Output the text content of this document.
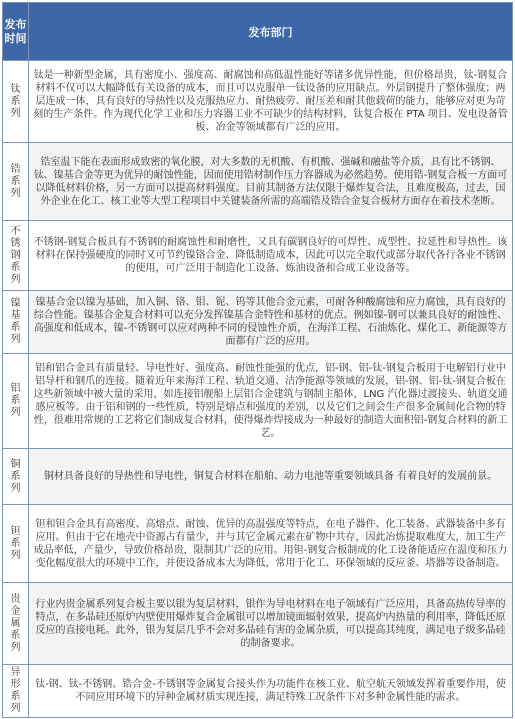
发布时间	发布部门
钛系列	钛是一种新型金属，具有密度小、强度高、耐腐蚀和高低温性能好等诸多优异性能，但价格昂贵，钛-钢复合材料不仅可以大幅降低有关设备的成本，而且可以克服单一钛设备的应用缺点。外层钢提升了整体强度；两层连成一体，具有良好的导热性以及克服热应力、耐热疲劳、耐压差和耐其他载荷的能力，能够应对更为苛刻的生产条件。作为现代化学工业和压力容器工业不可缺少的结构材料，钛复合板在 PTA 项目、发电设备管板、冶金等领域都有广泛的应用。
锆系列	锆室温下能在表面形成致密的氧化膜，对大多数的无机酸、有机酸、强碱和融盐等介质，具有比不锈钢、钛、镍基合金等更为优异的耐蚀性能，因而使用锆材制作压力容器成为必然趋势。使用锆-钢复合板一方面可以降低材料价格，另一方面可以提高材料强度。目前其制备方法仅限于爆炸复合法，且难度极高，过去，国外企业在化工、核工业等大型工程项目中关键装备所需的高端锆及锆合金复合板材方面存在着技术垄断。
不锈钢系列	不锈钢-钢复合板具有不锈钢的耐腐蚀性和耐磨性，又具有碳钢良好的可焊性、成型性、拉延性和导热性。该材料在保持强硬度的同时又可节约镍铬合金、降低制造成本，因此可以完全取代或部分取代各行各业不锈钢的使用，可广泛用于制造化工设备、炼油设备和合成工业设备等。
镍基系列	镍基合金以镍为基础，加入铜、铬、钼、铌、钨等其他合金元素，可耐各种酸腐蚀和应力腐蚀，具有良好的综合性能。镍基合金复合材料可以充分发挥镍基合金特性和基材的优点。例如镍-钢可以兼具良好的耐蚀性、高强度和低成本，镍-不锈钢可以应对两种不同的侵蚀性介质，在海洋工程、石油炼化、煤化工、新能源等方面都有广泛的应用。
铝系列	铝和铝合金具有质量轻、导电性好、强度高、耐蚀性能强的优点，铝-钢、铝-钛-钢复合板用于电解铝行业中铝导杆和钢爪的连接。随着近年来海洋工程、轨道交通、洁净能源等领域的发展，铝-钢、铝-钛-钢复合板在这些新领域中被大量的采用，如连接铝舰船上层铝合金建筑与钢制主船体，LNG 汽化器过渡接头、轨道交通感应板等。由于铝和钢的一些性质，特别是熔点和强度的差别，以及它们之间会生产很多金属间化合物的特性，很难用常规的工艺将它们制成复合材料，使得爆炸焊接成为一种最好的制造大面积铝-钢复合材料的新工艺。
铜系列	铜材具备良好的导热性和导电性，铜复合材料在船舶、动力电池等重要领域具备 有着良好的发展前景。
钽系列	钽和钽合金具有高密度、高熔点、耐蚀、优异的高温强度等特点，在电子器件、化工装备、武器装备中多有应用。但由于它在地壳中资源占有量少，并与其它金属元素在矿物中共存，因此冶炼提取难度大，加工生产成品率低，产量少，导致价格昂贵，限制其广泛的应用。用钽-钢复合板制成的化工设备能适应在温度和压力变化幅度很大的环境中工作，并使设备成本大为降低，常用于化工、环保领域的反应釜、塔器等设备制造。
贵金属系列	行业内贵金属系列复合板主要以银为复层材料，银作为导电材料在电子领域有广泛应用，具备高热传导率的特点，在多晶硅还原炉内壁使用爆炸复合金属银可以增加镜面辐射效果，提高炉内热量的利用率，降低还原反应的直接电耗。此外，银为复层几乎不会对多晶硅有害的金属杂质，可以提高其纯度，满足电子级多晶硅的制备要求。
异形系列	钛-钢、钛-不锈钢、锆合金-不锈钢等金属复合接头作为功能件在核工业、航空航天领域发挥着重要作用，使不同应用环境下的异种金属材质实现连接，满足特殊工况条件下对多种金属性能的需求。
